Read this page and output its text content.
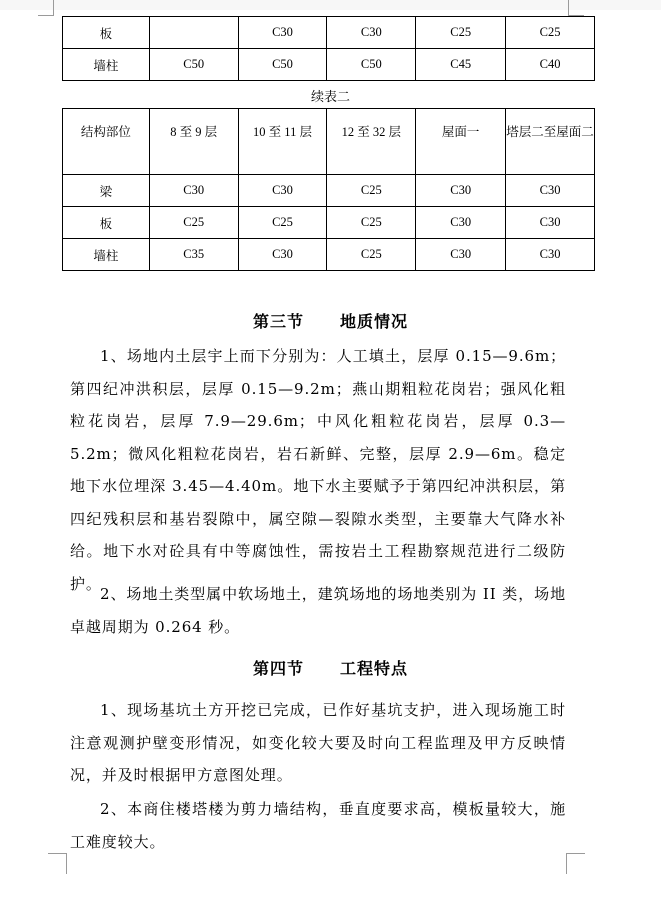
板		C30	C30	C25	C25
墙柱	C50	C50	C50	C45	C40
续表二
结构部位	8 至 9 层	10 至 11 层	12 至 32 层	屋面一	塔层二至屋面二
梁	C30	C30	C25	C30	C30
板	C25	C25	C25	C30	C30
墙柱	C35	C30	C25	C30	C30
第三节 地质情况
1、场地内土层宇上而下分别为：人工填土，层厚 0.15—9.6m；第四纪冲洪积层，层厚 0.15—9.2m；燕山期粗粒花岗岩；强风化粗粒花岗岩，层厚 7.9—29.6m；中风化粗粒花岗岩，层厚 0.3—5.2m；微风化粗粒花岗岩，岩石新鲜、完整，层厚 2.9—6m。稳定地下水位埋深 3.45—4.40m。地下水主要赋予于第四纪冲洪积层，第四纪残积层和基岩裂隙中，属空隙—裂隙水类型，主要靠大气降水补给。地下水对砼具有中等腐蚀性，需按岩土工程勘察规范进行二级防护。
2、场地土类型属中软场地土，建筑场地的场地类别为 II 类，场地卓越周期为 0.264 秒。
第四节 工程特点
1、现场基坑土方开挖已完成，已作好基坑支护，进入现场施工时注意观测护壁变形情况，如变化较大要及时向工程监理及甲方反映情况，并及时根据甲方意图处理。
2、本商住楼塔楼为剪力墙结构，垂直度要求高，模板量较大，施工难度较大。
